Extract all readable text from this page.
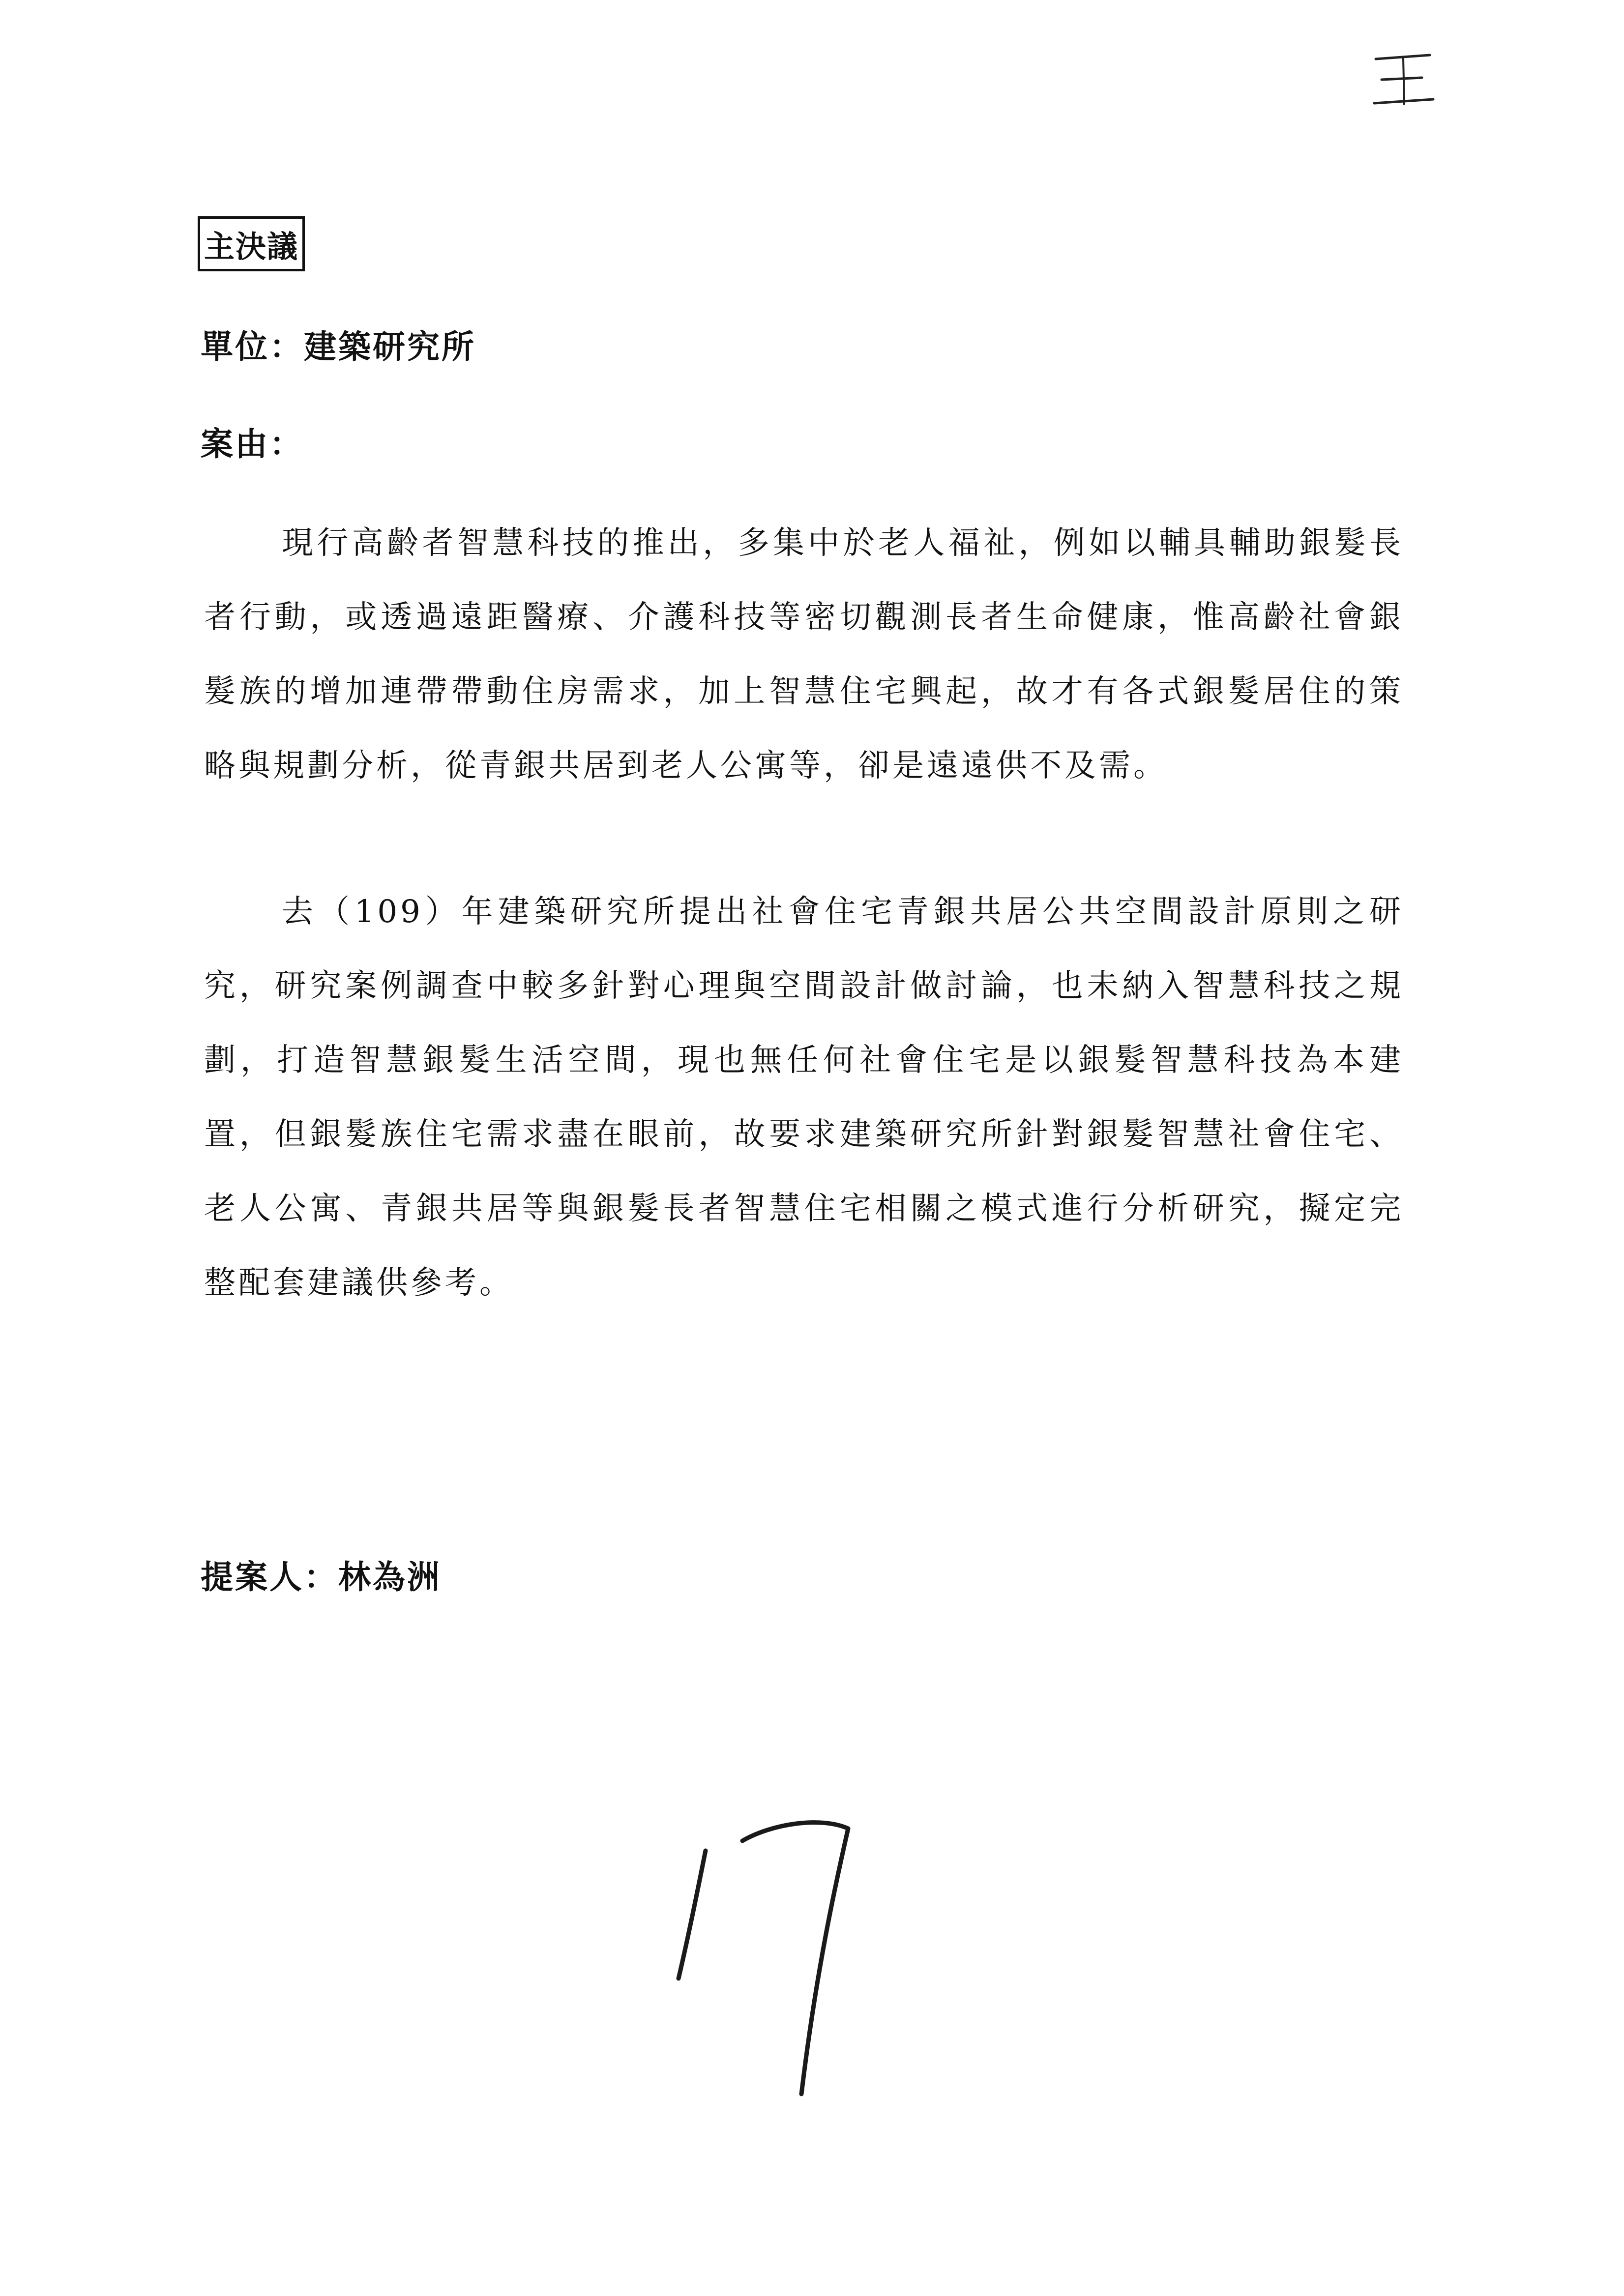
主決議
單位：建築研究所
案由：
現行高齡者智慧科技的推出，多集中於老人福祉，例如以輔具輔助銀髮長者行動，或透過遠距醫療、介護科技等密切觀測長者生命健康，惟高齡社會銀髮族的增加連帶帶動住房需求，加上智慧住宅興起，故才有各式銀髮居住的策略與規劃分析，從青銀共居到老人公寓等，卻是遠遠供不及需。
去（109）年建築研究所提出社會住宅青銀共居公共空間設計原則之研究，研究案例調查中較多針對心理與空間設計做討論，也未納入智慧科技之規劃，打造智慧銀髮生活空間，現也無任何社會住宅是以銀髮智慧科技為本建置，但銀髮族住宅需求盡在眼前，故要求建築研究所針對銀髮智慧社會住宅、老人公寓、青銀共居等與銀髮長者智慧住宅相關之模式進行分析研究，擬定完整配套建議供參考。
提案人：林為洲
